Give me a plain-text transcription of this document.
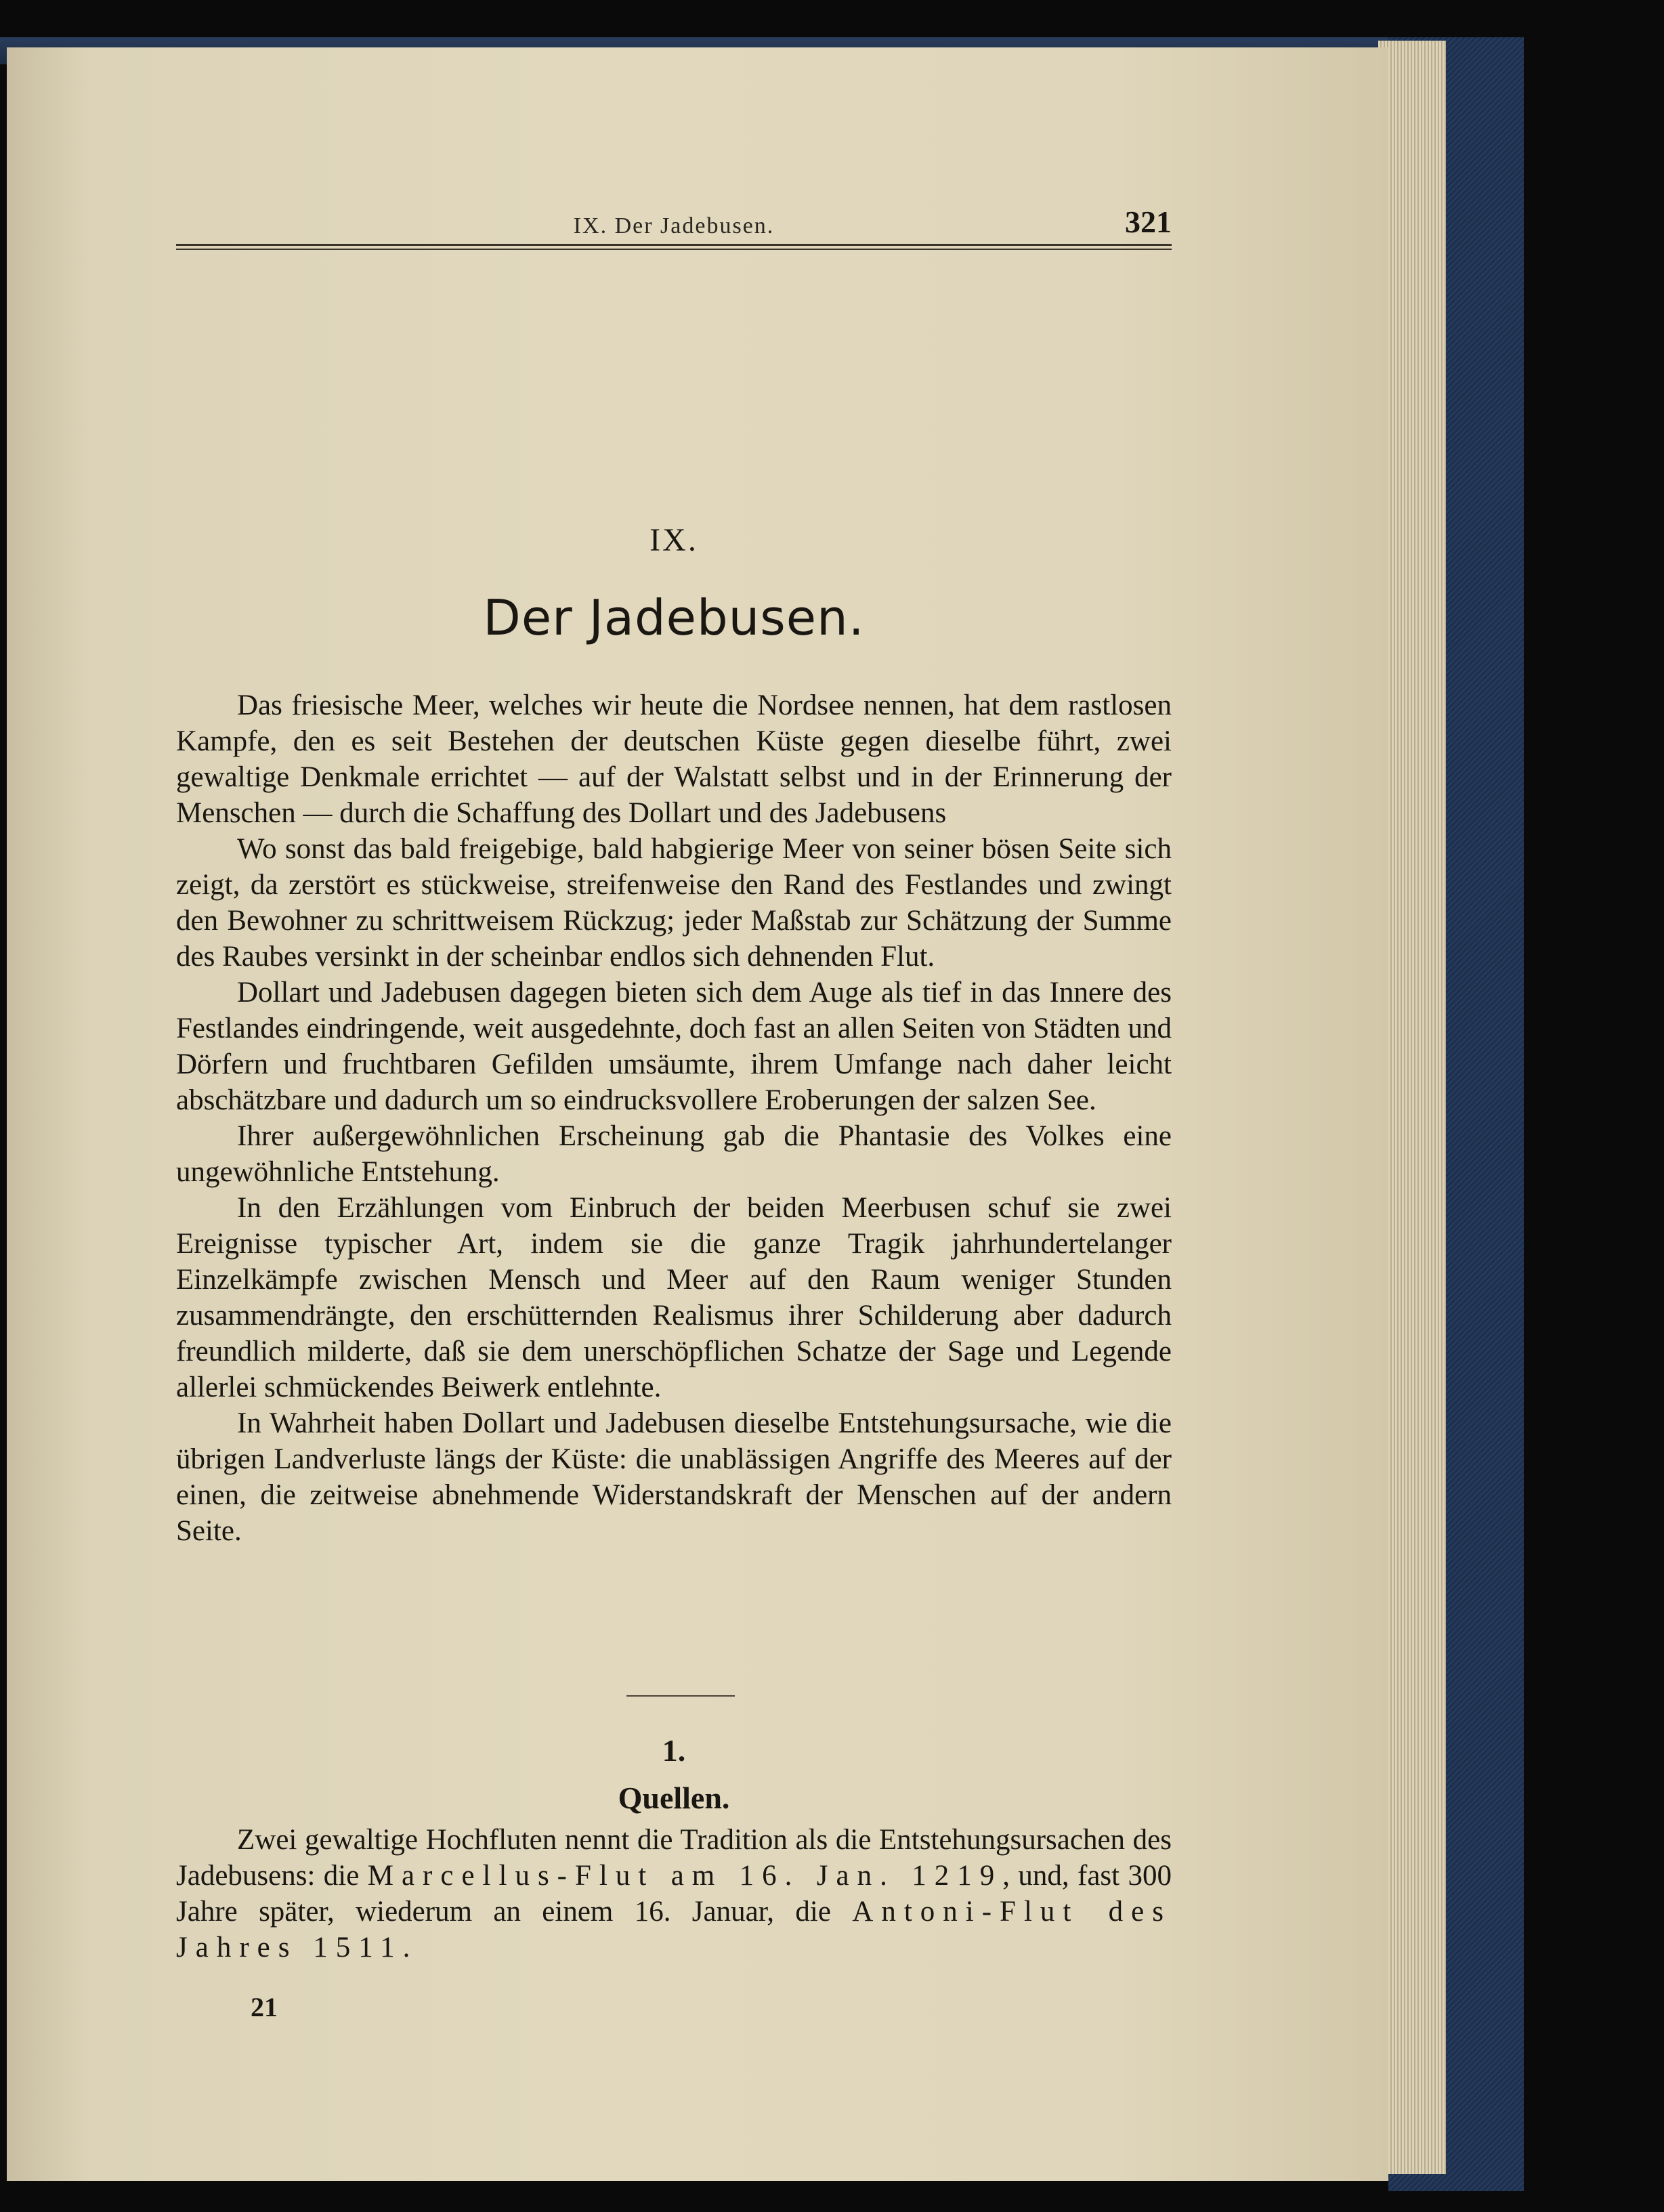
IX. Der Jadebusen.	321
IX.
Der Jadebusen.

Das friesische Meer, welches wir heute die Nordsee nennen, hat dem rastlosen Kampfe, den es seit Bestehen der deutschen Küste gegen dieselbe führt, zwei gewaltige Denkmale errichtet — auf der Walstatt selbst und in der Erinnerung der Menschen — durch die Schaffung des Dollart und des Jadebusens

Wo sonst das bald freigebige, bald habgierige Meer von seiner bösen Seite sich zeigt, da zerstört es stückweise, streifenweise den Rand des Festlandes und zwingt den Bewohner zu schrittweisem Rückzug; jeder Maßstab zur Schätzung der Summe des Raubes versinkt in der scheinbar endlos sich dehnenden Flut.

Dollart und Jadebusen dagegen bieten sich dem Auge als tief in das Innere des Festlandes eindringende, weit ausgedehnte, doch fast an allen Seiten von Städten und Dörfern und fruchtbaren Gefilden umsäumte, ihrem Umfange nach daher leicht abschätzbare und dadurch um so eindrucksvollere Eroberungen der salzen See.

Ihrer außergewöhnlichen Erscheinung gab die Phantasie des Volkes eine ungewöhnliche Entstehung.

In den Erzählungen vom Einbruch der beiden Meerbusen schuf sie zwei Ereignisse typischer Art, indem sie die ganze Tragik jahrhundertelanger Einzelkämpfe zwischen Mensch und Meer auf den Raum weniger Stunden zusammendrängte, den erschütternden Realismus ihrer Schilderung aber dadurch freundlich milderte, daß sie dem unerschöpflichen Schatze der Sage und Legende allerlei schmückendes Beiwerk entlehnte.

In Wahrheit haben Dollart und Jadebusen dieselbe Entstehungsursache, wie die übrigen Landverluste längs der Küste: die unablässigen Angriffe des Meeres auf der einen, die zeitweise abnehmende Widerstandskraft der Menschen auf der andern Seite.

1.
Quellen.

Zwei gewaltige Hochfluten nennt die Tradition als die Entstehungsursachen des Jadebusens: die Marcellus-Flut am 16. Jan. 1219, und, fast 300 Jahre später, wiederum an einem 16. Januar, die Antoni-Flut des Jahres 1511.

21
